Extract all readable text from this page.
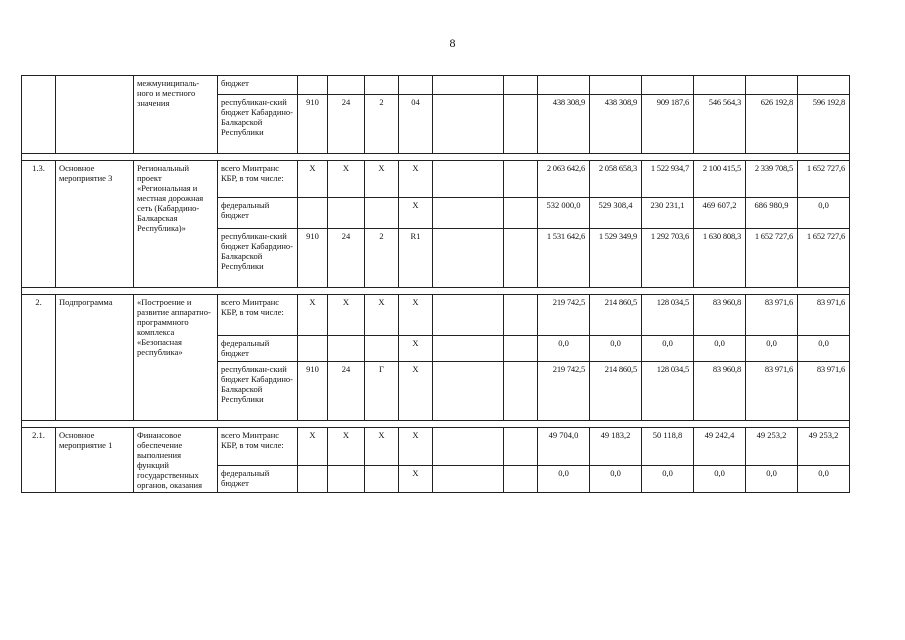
8
		межмуниципаль-ного и местного значения	бюджет												
			республикан-ский бюджет Кабардино-Балкарской Республики	910	24	2	04			438 308,9	438 308,9	909 187,6	546 564,3	626 192,8	596 192,8

1.3.	Основное мероприятие 3	Региональный проект «Региональная и местная дорожная сеть (Кабардино-Балкарская Республика)»	всего Минтранс КБР, в том числе:	X	X	X	X			2 063 642,6	2 058 658,3	1 522 934,7	2 100 415,5	2 339 708,5	1 652 727,6
			федеральный бюджет				X			532 000,0	529 308,4	230 231,1	469 607,2	686 980,9	0,0
			республикан-ский бюджет Кабардино-Балкарской Республики	910	24	2	R1			1 531 642,6	1 529 349,9	1 292 703,6	1 630 808,3	1 652 727,6	1 652 727,6

2.	Подпрограмма	«Построение и развитие аппаратно-программного комплекса «Безопасная республика»	всего Минтранс КБР, в том числе:	X	X	X	X			219 742,5	214 860,5	128 034,5	83 960,8	83 971,6	83 971,6
			федеральный бюджет				X			0,0	0,0	0,0	0,0	0,0	0,0
			республикан-ский бюджет Кабардино-Балкарской Республики	910	24	Г	X			219 742,5	214 860,5	128 034,5	83 960,8	83 971,6	83 971,6

2.1.	Основное мероприятие 1	Финансовое обеспечение выполнения функций государственных органов, оказания	всего Минтранс КБР, в том числе:	X	X	X	X			49 704,0	49 183,2	50 118,8	49 242,4	49 253,2	49 253,2
			федеральный бюджет				X			0,0	0,0	0,0	0,0	0,0	0,0
